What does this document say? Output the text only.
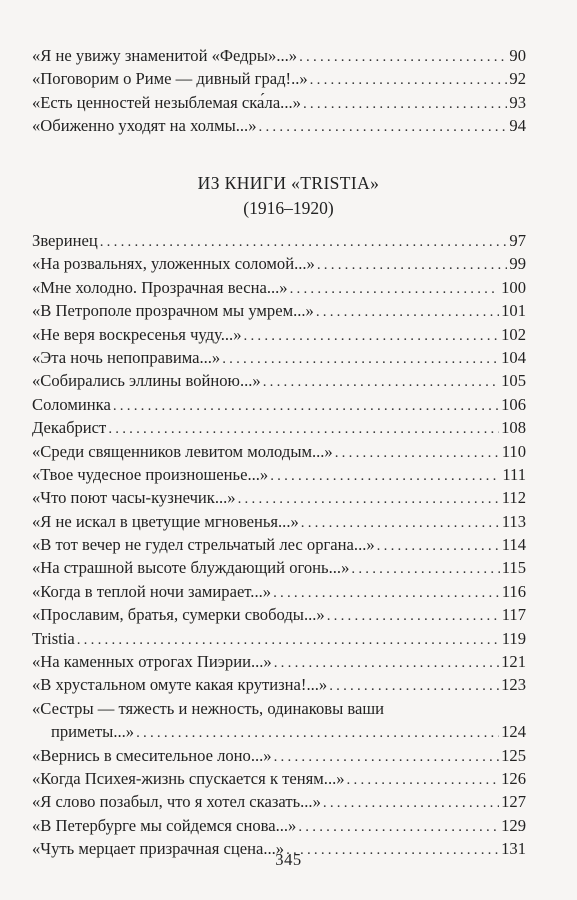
«Я не увижу знаменитой «Федры»...» .....	90
«Поговорим о Риме — дивный град!..» .....	92
«Есть ценностей незыблемая ска́ла...» .....	93
«Обиженно уходят на холмы...» .....	94
ИЗ КНИГИ «TRISTIA»
(1916–1920)
Зверинец .....	97
«На розвальнях, уложенных соломой...» .....	99
«Мне холодно. Прозрачная весна...» .....	100
«В Петрополе прозрачном мы умрем...» .....	101
«Не веря воскресенья чуду...» .....	102
«Эта ночь непоправима...» .....	104
«Собирались эллины войною...» .....	105
Соломинка .....	106
Декабрист .....	108
«Среди священников левитом молодым...» .....	110
«Твое чудесное произношенье...» .....	111
«Что поют часы-кузнечик...» .....	112
«Я не искал в цветущие мгновенья...» .....	113
«В тот вечер не гудел стрельчатый лес органа...» .....	114
«На страшной высоте блуждающий огонь...» .....	115
«Когда в теплой ночи замирает...» .....	116
«Прославим, братья, сумерки свободы...» .....	117
Tristia .....	119
«На каменных отрогах Пиэрии...» .....	121
«В хрустальном омуте какая крутизна!...» .....	123
«Сестры — тяжесть и нежность, одинаковы ваши
приметы...» .....	124
«Вернись в смесительное лоно...» .....	125
«Когда Психея-жизнь спускается к теням...» .....	126
«Я слово позабыл, что я хотел сказать...» .....	127
«В Петербурге мы сойдемся снова...» .....	129
«Чуть мерцает призрачная сцена...» .....	131
345
